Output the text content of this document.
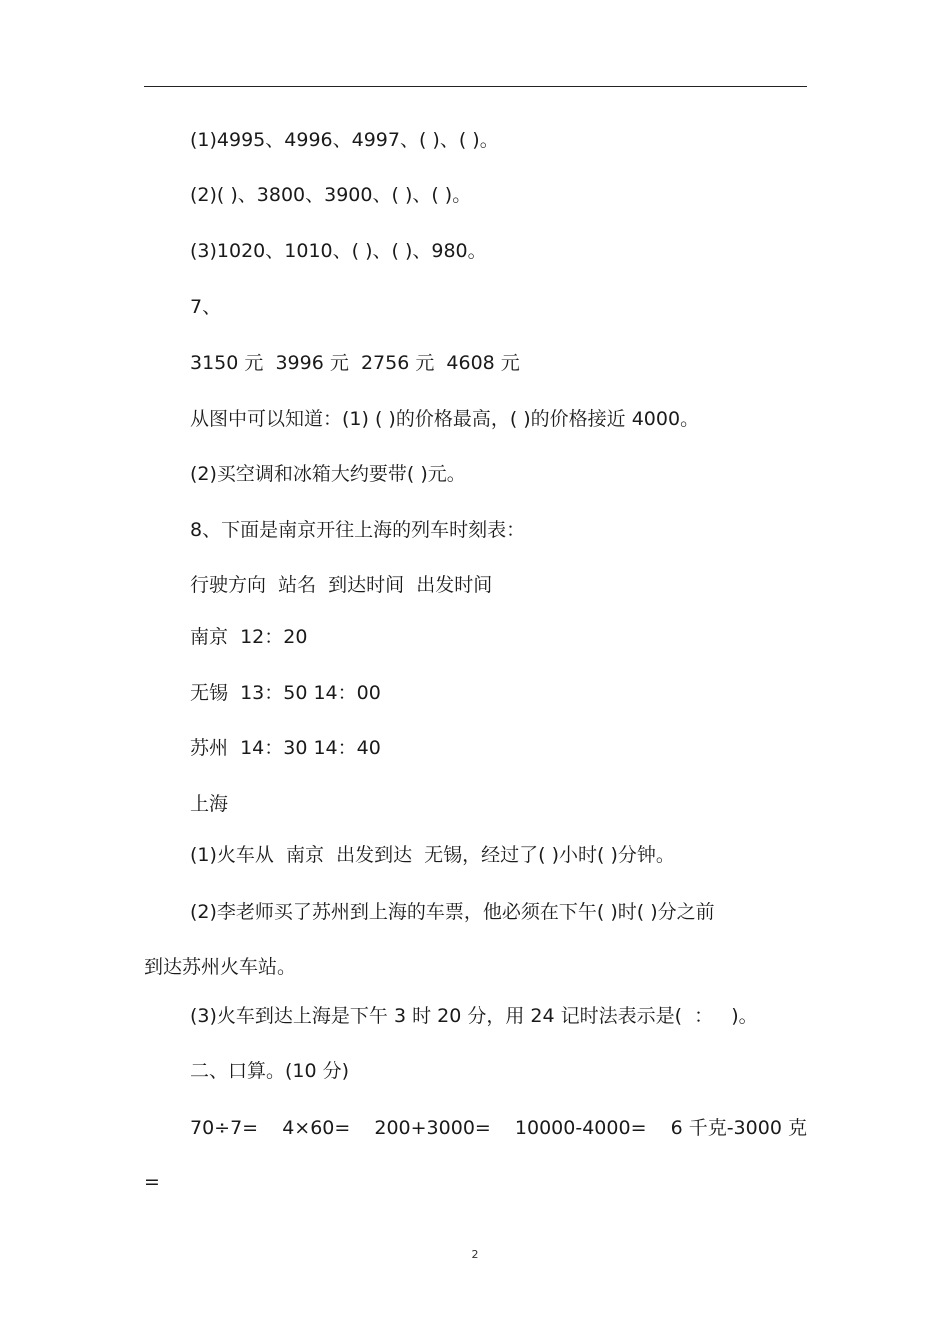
(1)4995、4996、4997、( )、( )。
(2)( )、3800、3900、( )、( )。
(3)1020、1010、( )、( )、980。
7、
3150 元  3996 元  2756 元  4608 元
从图中可以知道：(1) ( )的价格最高，( )的价格接近 4000。
(2)买空调和冰箱大约要带( )元。
8、下面是南京开往上海的列车时刻表：
行驶方向  站名  到达时间  出发时间
南京  12：20
无锡  13：50 14：00
苏州  14：30 14：40
上海
(1)火车从  南京  出发到达  无锡，经过了( )小时( )分钟。
(2)李老师买了苏州到上海的车票，他必须在下午( )时( )分之前
到达苏州火车站。
(3)火车到达上海是下午 3 时 20 分，用 24 记时法表示是(  ：   )。
二、口算。(10 分)
70÷7= 4×60= 200+3000= 10000-4000= 6 千克-3000 克
=
2
